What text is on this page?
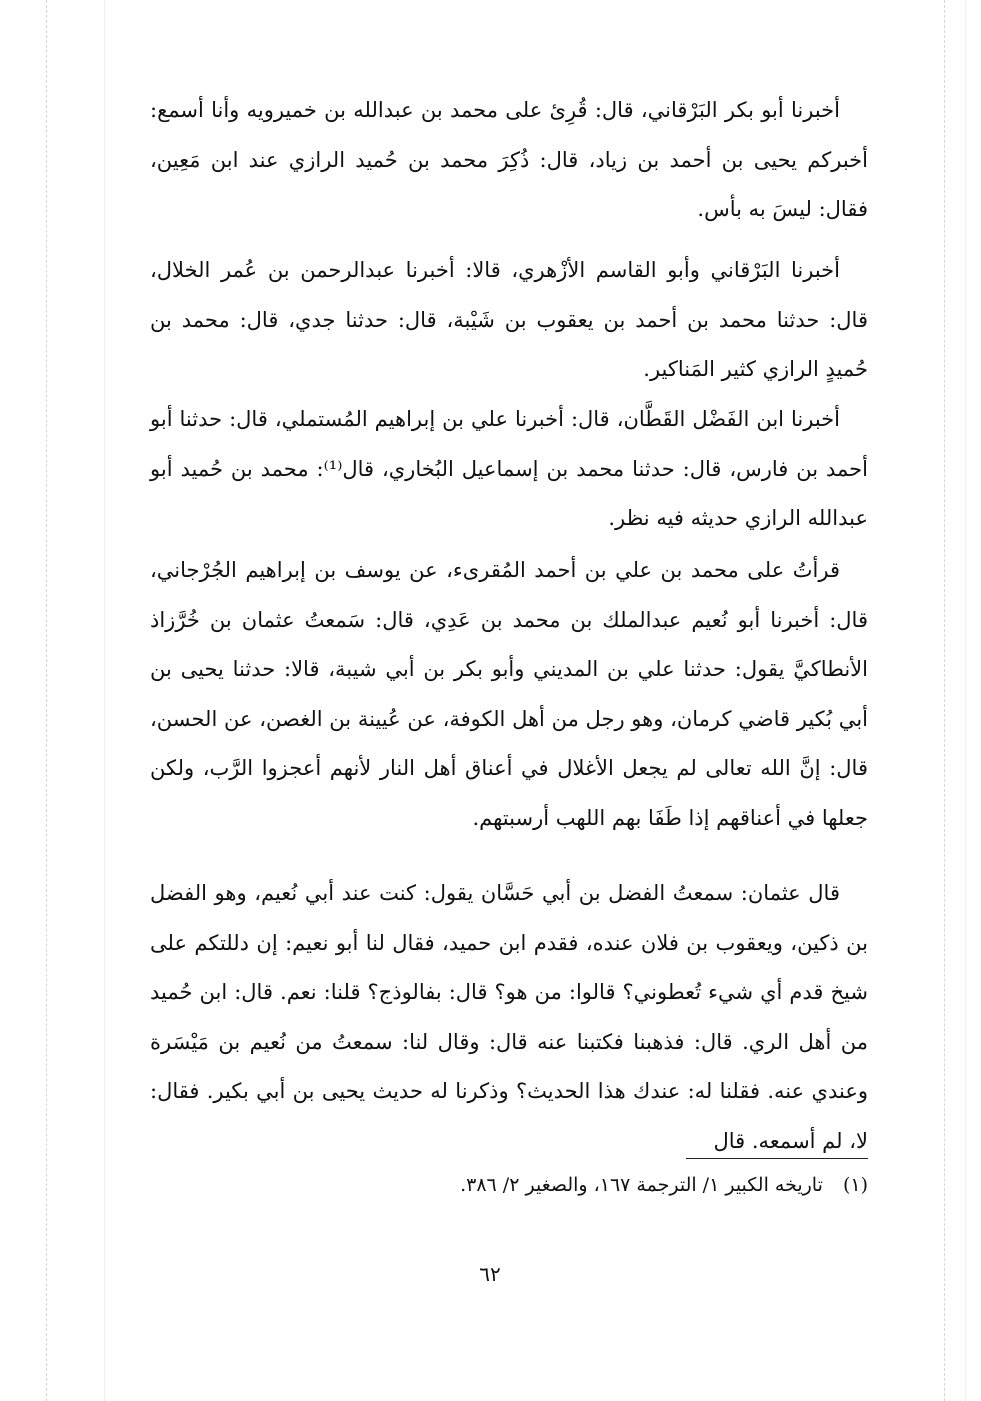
أخبرنا أبو بكر البَرْقاني، قال: قُرِئ على محمد بن عبدالله بن خميرويه وأنا أسمع: أخبركم يحيى بن أحمد بن زياد، قال: ذُكِرَ محمد بن حُميد الرازي عند ابن مَعِين، فقال: ليسَ به بأس.

أخبرنا البَرْقاني وأبو القاسم الأزْهري، قالا: أخبرنا عبدالرحمن بن عُمر الخلال، قال: حدثنا محمد بن أحمد بن يعقوب بن شَيْبة، قال: حدثنا جدي، قال: محمد بن حُميدٍ الرازي كثير المَناكير.

أخبرنا ابن الفَضْل القَطَّان، قال: أخبرنا علي بن إبراهيم المُستملي، قال: حدثنا أبو أحمد بن فارس، قال: حدثنا محمد بن إسماعيل البُخاري، قال⁽¹⁾: محمد بن حُميد أبو عبدالله الرازي حديثه فيه نظر.

قرأتُ على محمد بن علي بن أحمد المُقرىء، عن يوسف بن إبراهيم الجُرْجاني، قال: أخبرنا أبو نُعيم عبدالملك بن محمد بن عَدِي، قال: سَمعتُ عثمان بن خُرَّزاذ الأنطاكيَّ يقول: حدثنا علي بن المديني وأبو بكر بن أبي شيبة، قالا: حدثنا يحيى بن أبي بُكير قاضي كرمان، وهو رجل من أهل الكوفة، عن عُيينة بن الغصن، عن الحسن، قال: إنَّ الله تعالى لم يجعل الأغلال في أعناق أهل النار لأنهم أعجزوا الرَّب، ولكن جعلها في أعناقهم إذا طَفَا بهم اللهب أرسبتهم.

قال عثمان: سمعتُ الفضل بن أبي حَسَّان يقول: كنت عند أبي نُعيم، وهو الفضل بن ذكين، ويعقوب بن فلان عنده، فقدم ابن حميد، فقال لنا أبو نعيم: إن دللتكم على شيخ قدم أي شيء تُعطوني؟ قالوا: من هو؟ قال: بفالوذج؟ قلنا: نعم. قال: ابن حُميد من أهل الري. قال: فذهبنا فكتبنا عنه قال: وقال لنا: سمعتُ من نُعيم بن مَيْسَرة وعندي عنه. فقلنا له: عندك هذا الحديث؟ وذكرنا له حديث يحيى بن أبي بكير. فقال: لا، لم أسمعه. قال

(١) تاريخه الكبير ١/ الترجمة ١٦٧، والصغير ٢/ ٣٨٦.
٦٢
